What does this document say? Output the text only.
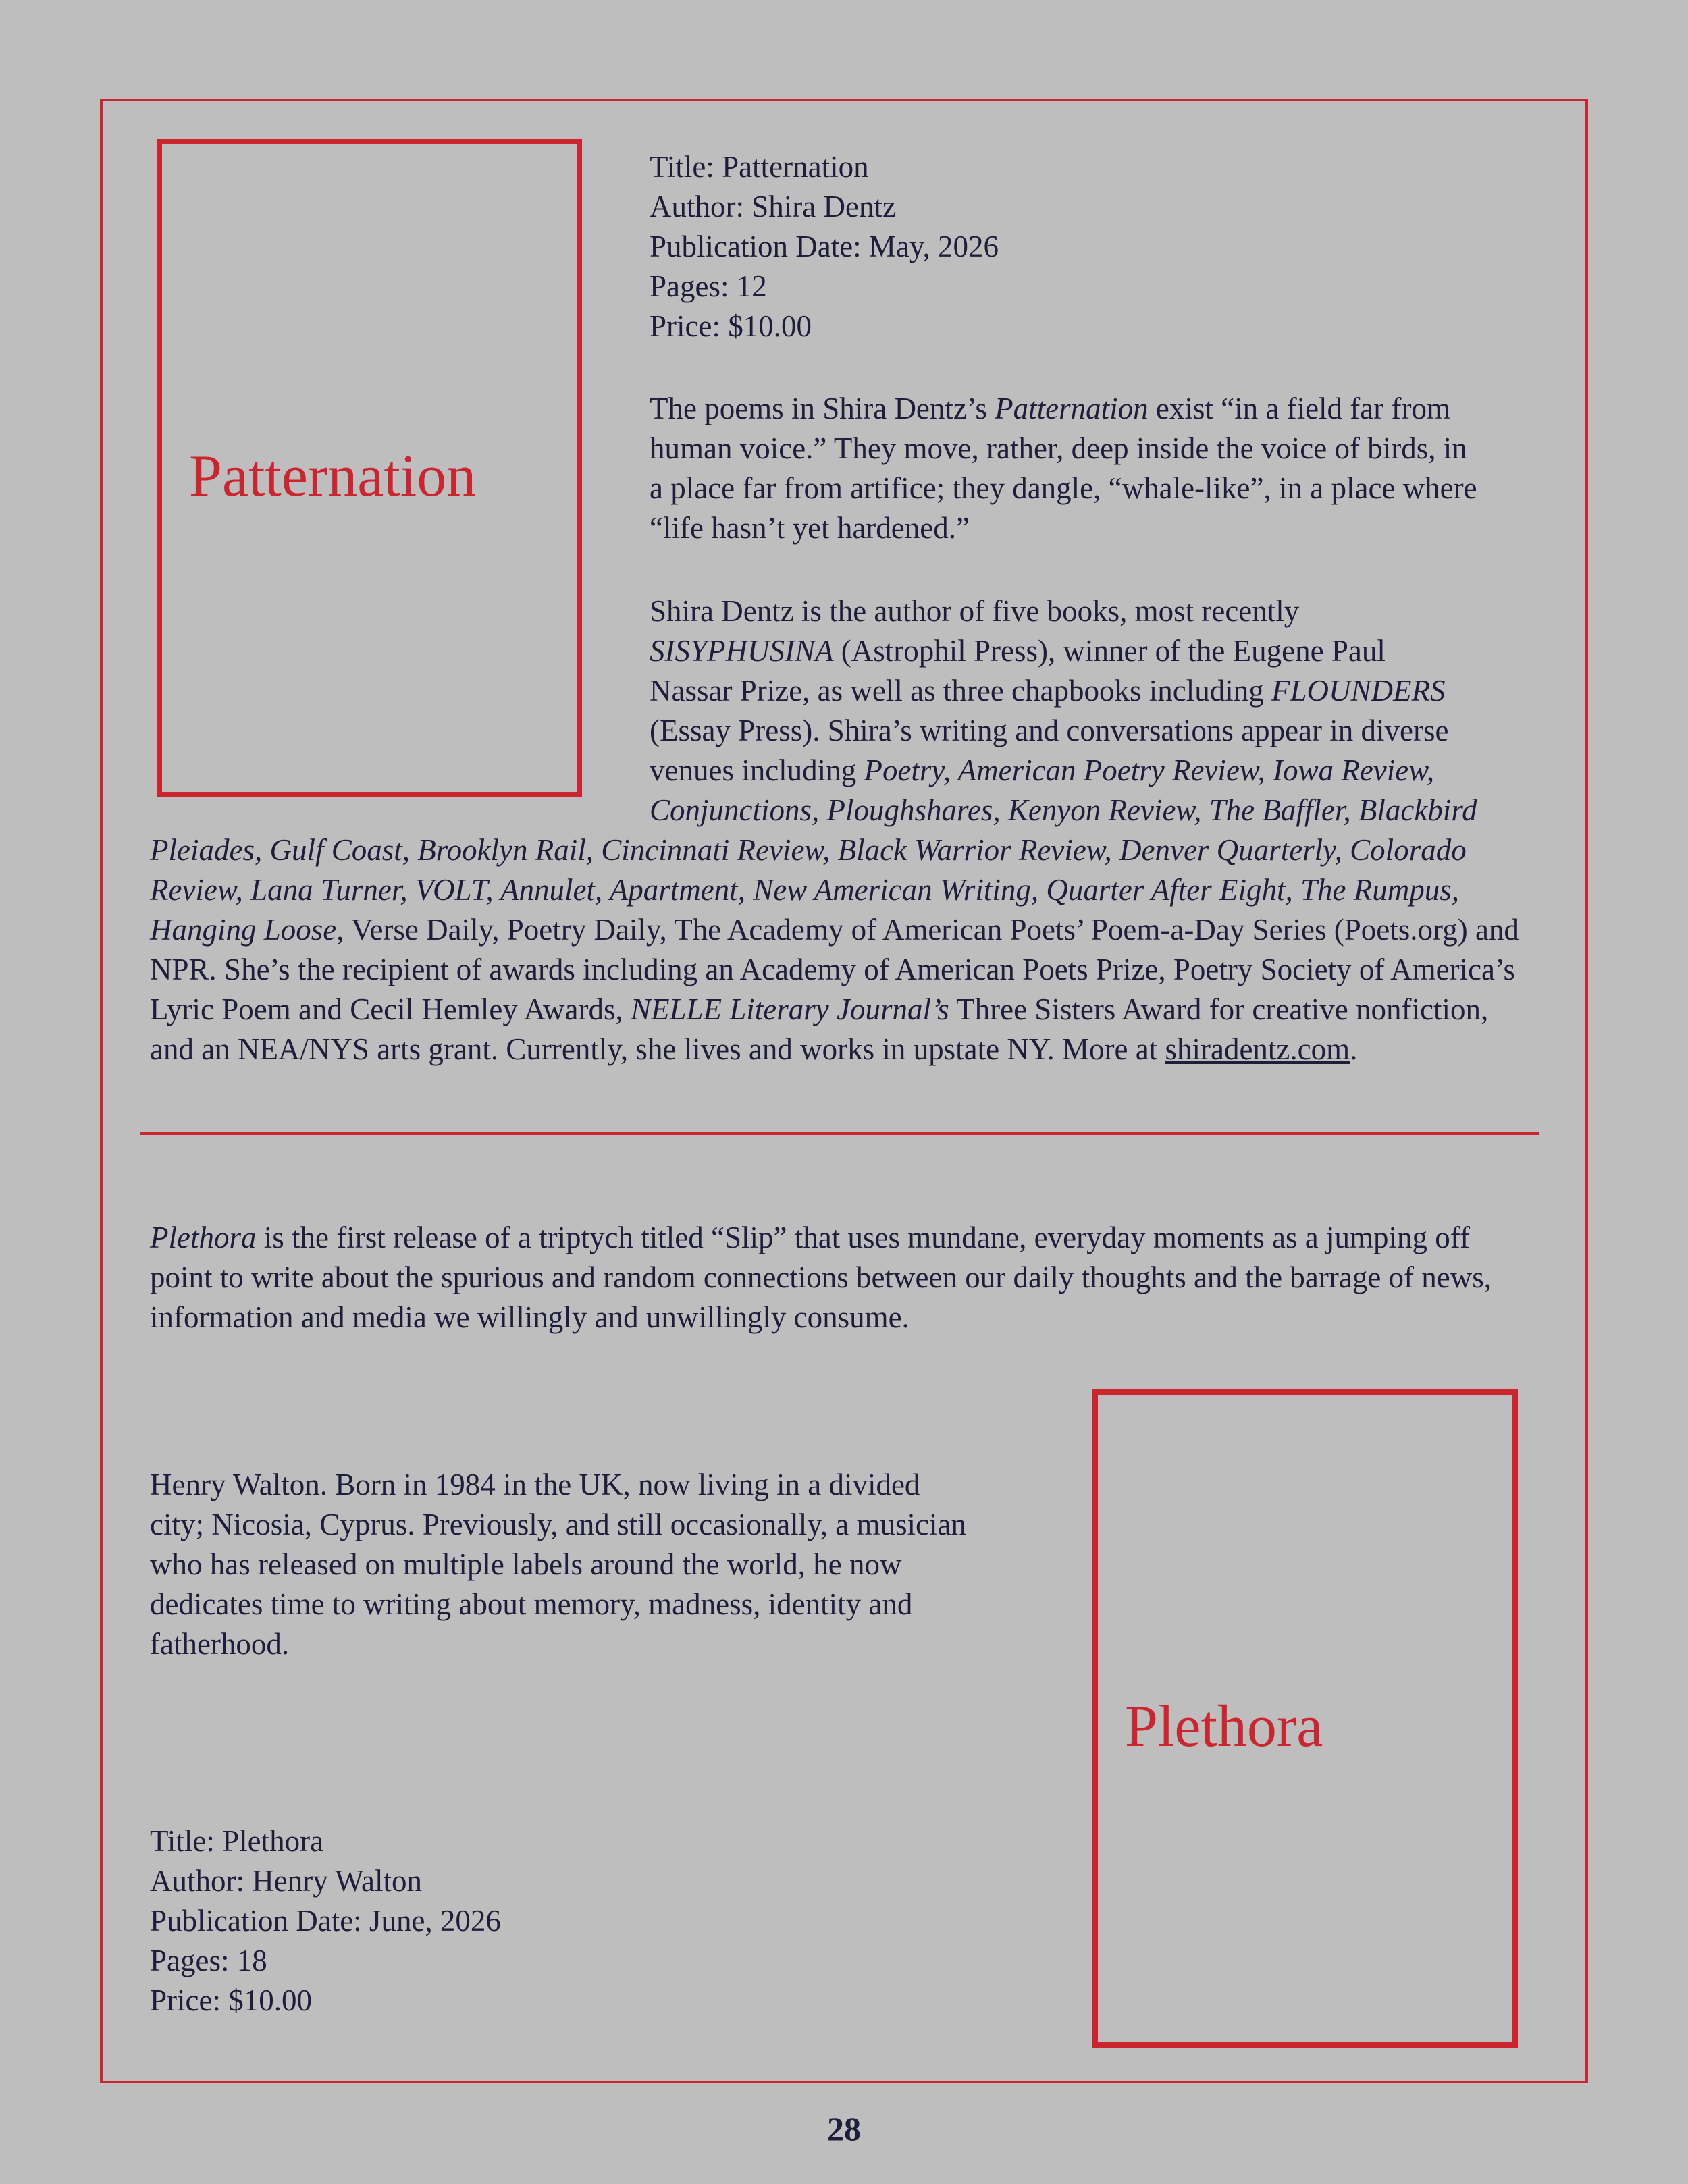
Patternation
Title: Patternation
Author: Shira Dentz
Publication Date: May, 2026
Pages: 12
Price: $10.00
The poems in Shira Dentz’s Patternation exist “in a field far from
human voice.” They move, rather, deep inside the voice of birds, in
a place far from artifice; they dangle, “whale-like”, in a place where
“life hasn’t yet hardened.”
Shira Dentz is the author of five books, most recently
SISYPHUSINA (Astrophil Press), winner of the Eugene Paul
Nassar Prize, as well as three chapbooks including FLOUNDERS
(Essay Press). Shira’s writing and conversations appear in diverse
venues including Poetry, American Poetry Review, Iowa Review,
Conjunctions, Ploughshares, Kenyon Review, The Baffler, Blackbird
Pleiades, Gulf Coast, Brooklyn Rail, Cincinnati Review, Black Warrior Review, Denver Quarterly, Colorado
Review, Lana Turner, VOLT, Annulet, Apartment, New American Writing, Quarter After Eight, The Rumpus,
Hanging Loose, Verse Daily, Poetry Daily, The Academy of American Poets’ Poem-a-Day Series (Poets.org) and
NPR. She’s the recipient of awards including an Academy of American Poets Prize, Poetry Society of America’s
Lyric Poem and Cecil Hemley Awards, NELLE Literary Journal’s Three Sisters Award for creative nonfiction,
and an NEA/NYS arts grant. Currently, she lives and works in upstate NY. More at shiradentz.com.
Plethora is the first release of a triptych titled “Slip” that uses mundane, everyday moments as a jumping off
point to write about the spurious and random connections between our daily thoughts and the barrage of news,
information and media we willingly and unwillingly consume.
Henry Walton. Born in 1984 in the UK, now living in a divided
city; Nicosia, Cyprus. Previously, and still occasionally, a musician
who has released on multiple labels around the world, he now
dedicates time to writing about memory, madness, identity and
fatherhood.
Title: Plethora
Author: Henry Walton
Publication Date: June, 2026
Pages: 18
Price: $10.00
Plethora
28
